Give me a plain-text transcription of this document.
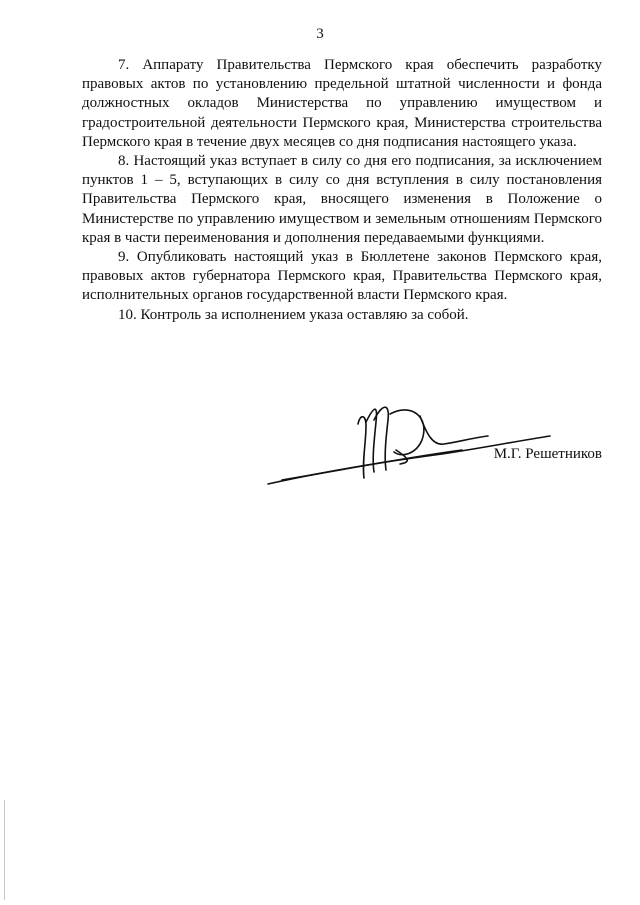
3

7. Аппарату Правительства Пермского края обеспечить разработку правовых актов по установлению предельной штатной численности и фонда должностных окладов Министерства по управлению имуществом и градостроительной деятельности Пермского края, Министерства строительства Пермского края в течение двух месяцев со дня подписания настоящего указа.

8. Настоящий указ вступает в силу со дня его подписания, за исключением пунктов 1 – 5, вступающих в силу со дня вступления в силу постановления Правительства Пермского края, вносящего изменения в Положение о Министерстве по управлению имуществом и земельным отношениям Пермского края в части переименования и дополнения передаваемыми функциями.

9. Опубликовать настоящий указ в Бюллетене законов Пермского края, правовых актов губернатора Пермского края, Правительства Пермского края, исполнительных органов государственной власти Пермского края.

10. Контроль за исполнением указа оставляю за собой.

М.Г. Решетников
